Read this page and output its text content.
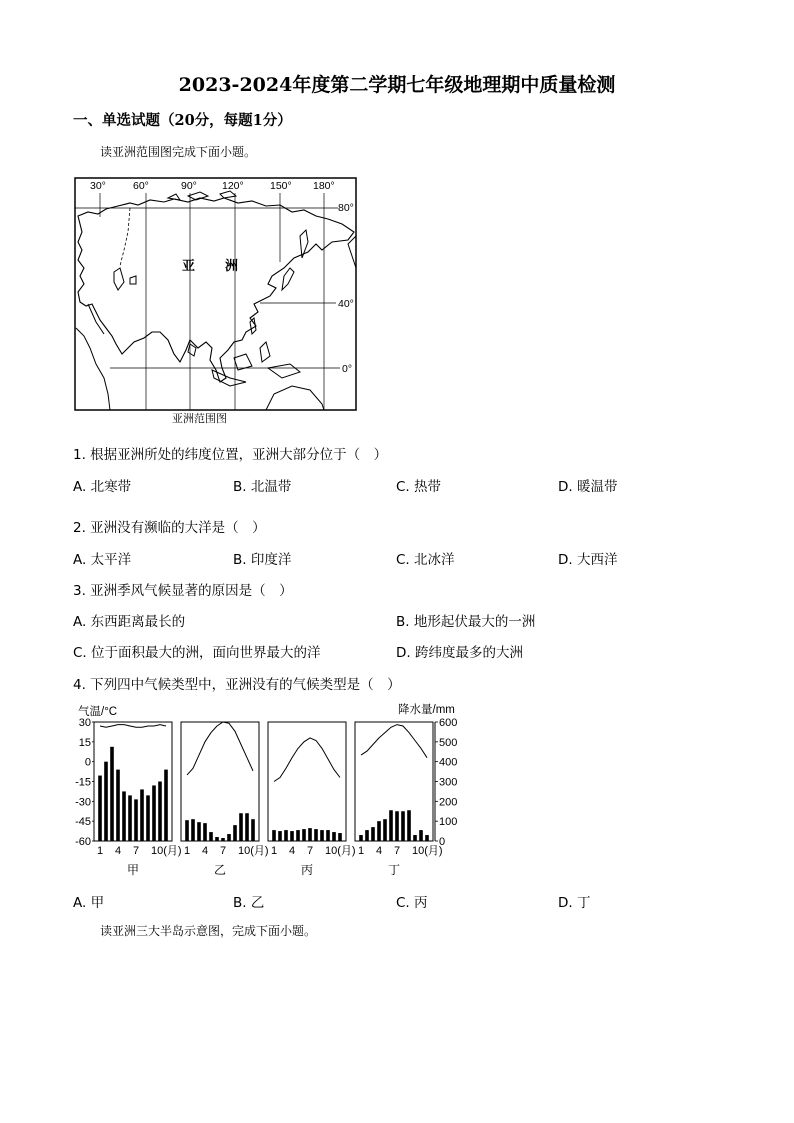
2023-2024年度第二学期七年级地理期中质量检测
一、单选试题（20分，每题1分）
读亚洲范围图完成下面小题。
30°	60°	90° 120°	150° 180°
80°
40°
0°
亚 洲
亚洲范围图
1. 根据亚洲所处的纬度位置，亚洲大部分位于（　）
A. 北寒带	B. 北温带	C. 热带	D. 暖温带
2. 亚洲没有濒临的大洋是（　）
A. 太平洋	B. 印度洋	C. 北冰洋	D. 大西洋
3. 亚洲季风气候显著的原因是（　）
A. 东西距离最长的	B. 地形起伏最大的一洲
C. 位于面积最大的洲，面向世界最大的洋	D. 跨纬度最多的大洲
4. 下列四中气候类型中，亚洲没有的气候类型是（　）
气温/°C	降水量/mm
30
15
0
-15
-30
-45
-60
600
500
400
300
200
100
0
1 4 7 10(月)
甲
1 4 7 10(月)
乙
1 4 7 10(月)
丙
1 4 7 10(月)
丁
A. 甲	B. 乙	C. 丙	D. 丁
读亚洲三大半岛示意图，完成下面小题。
